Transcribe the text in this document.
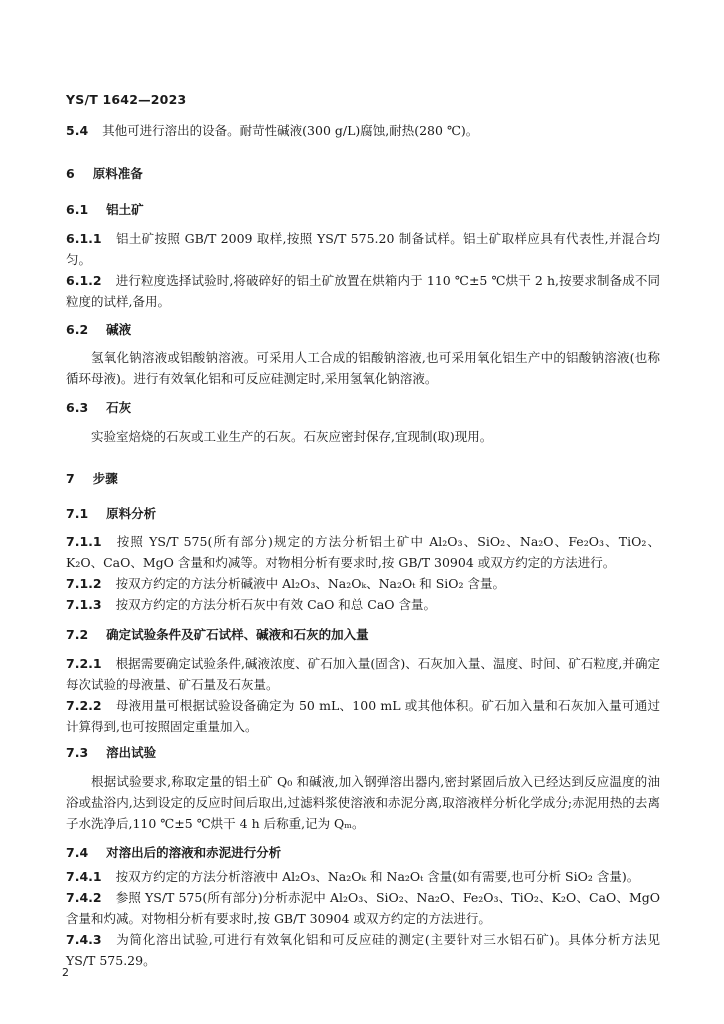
YS/T 1642—2023
5.4 其他可进行溶出的设备。耐苛性碱液(300 g/L)腐蚀,耐热(280 ℃)。
6 原料准备
6.1 铝土矿
6.1.1 铝土矿按照 GB/T 2009 取样,按照 YS/T 575.20 制备试样。铝土矿取样应具有代表性,并混合均匀。
6.1.2 进行粒度选择试验时,将破碎好的铝土矿放置在烘箱内于 110 ℃±5 ℃烘干 2 h,按要求制备成不同粒度的试样,备用。
6.2 碱液
氢氧化钠溶液或铝酸钠溶液。可采用人工合成的铝酸钠溶液,也可采用氧化铝生产中的铝酸钠溶液(也称循环母液)。进行有效氧化铝和可反应硅测定时,采用氢氧化钠溶液。
6.3 石灰
实验室焙烧的石灰或工业生产的石灰。石灰应密封保存,宜现制(取)现用。
7 步骤
7.1 原料分析
7.1.1 按照 YS/T 575(所有部分)规定的方法分析铝土矿中 Al₂O₃、SiO₂、Na₂O、Fe₂O₃、TiO₂、K₂O、CaO、MgO 含量和灼减等。对物相分析有要求时,按 GB/T 30904 或双方约定的方法进行。
7.1.2 按双方约定的方法分析碱液中 Al₂O₃、Na₂Oₖ、Na₂Oₜ 和 SiO₂ 含量。
7.1.3 按双方约定的方法分析石灰中有效 CaO 和总 CaO 含量。
7.2 确定试验条件及矿石试样、碱液和石灰的加入量
7.2.1 根据需要确定试验条件,碱液浓度、矿石加入量(固含)、石灰加入量、温度、时间、矿石粒度,并确定每次试验的母液量、矿石量及石灰量。
7.2.2 母液用量可根据试验设备确定为 50 mL、100 mL 或其他体积。矿石加入量和石灰加入量可通过计算得到,也可按照固定重量加入。
7.3 溶出试验
根据试验要求,称取定量的铝土矿 Q₀ 和碱液,加入钢弹溶出器内,密封紧固后放入已经达到反应温度的油浴或盐浴内,达到设定的反应时间后取出,过滤料浆使溶液和赤泥分离,取溶液样分析化学成分;赤泥用热的去离子水洗净后,110 ℃±5 ℃烘干 4 h 后称重,记为 Qₘ。
7.4 对溶出后的溶液和赤泥进行分析
7.4.1 按双方约定的方法分析溶液中 Al₂O₃、Na₂Oₖ 和 Na₂Oₜ 含量(如有需要,也可分析 SiO₂ 含量)。
7.4.2 参照 YS/T 575(所有部分)分析赤泥中 Al₂O₃、SiO₂、Na₂O、Fe₂O₃、TiO₂、K₂O、CaO、MgO 含量和灼减。对物相分析有要求时,按 GB/T 30904 或双方约定的方法进行。
7.4.3 为简化溶出试验,可进行有效氧化铝和可反应硅的测定(主要针对三水铝石矿)。具体分析方法见 YS/T 575.29。
2
